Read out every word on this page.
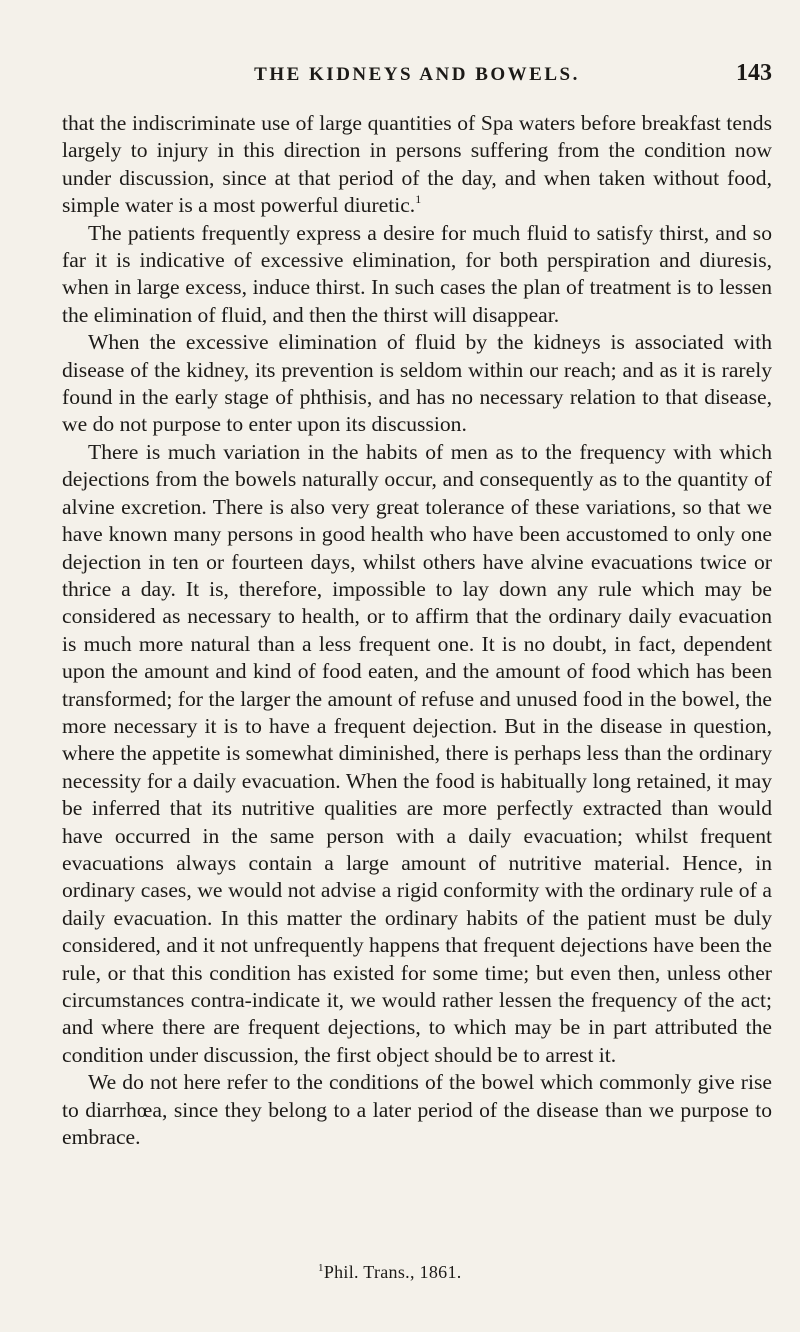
THE KIDNEYS AND BOWELS.	143

that the indiscriminate use of large quantities of Spa waters before breakfast tends largely to injury in this direction in persons suffering from the condition now under discussion, since at that period of the day, and when taken without food, simple water is a most powerful diuretic.$^1$

The patients frequently express a desire for much fluid to satisfy thirst, and so far it is indicative of excessive elimination, for both perspiration and diuresis, when in large excess, induce thirst. In such cases the plan of treatment is to lessen the elimination of fluid, and then the thirst will disappear.

When the excessive elimination of fluid by the kidneys is associated with disease of the kidney, its prevention is seldom within our reach; and as it is rarely found in the early stage of phthisis, and has no necessary relation to that disease, we do not purpose to enter upon its discussion.

There is much variation in the habits of men as to the frequency with which dejections from the bowels naturally occur, and consequently as to the quantity of alvine excretion. There is also very great tolerance of these variations, so that we have known many persons in good health who have been accustomed to only one dejection in ten or fourteen days, whilst others have alvine evacuations twice or thrice a day. It is, therefore, impossible to lay down any rule which may be considered as necessary to health, or to affirm that the ordinary daily evacuation is much more natural than a less frequent one. It is no doubt, in fact, dependent upon the amount and kind of food eaten, and the amount of food which has been transformed; for the larger the amount of refuse and unused food in the bowel, the more necessary it is to have a frequent dejection. But in the disease in question, where the appetite is somewhat diminished, there is perhaps less than the ordinary necessity for a daily evacuation. When the food is habitually long retained, it may be inferred that its nutritive qualities are more perfectly extracted than would have occurred in the same person with a daily evacuation; whilst frequent evacuations always contain a large amount of nutritive material. Hence, in ordinary cases, we would not advise a rigid conformity with the ordinary rule of a daily evacuation. In this matter the ordinary habits of the patient must be duly considered, and it not unfrequently happens that frequent dejections have been the rule, or that this condition has existed for some time; but even then, unless other circumstances contra-indicate it, we would rather lessen the frequency of the act; and where there are frequent dejections, to which may be in part attributed the condition under discussion, the first object should be to arrest it.

We do not here refer to the conditions of the bowel which commonly give rise to diarrhœa, since they belong to a later period of the disease than we purpose to embrace.

$^1$Phil. Trans., 1861.
